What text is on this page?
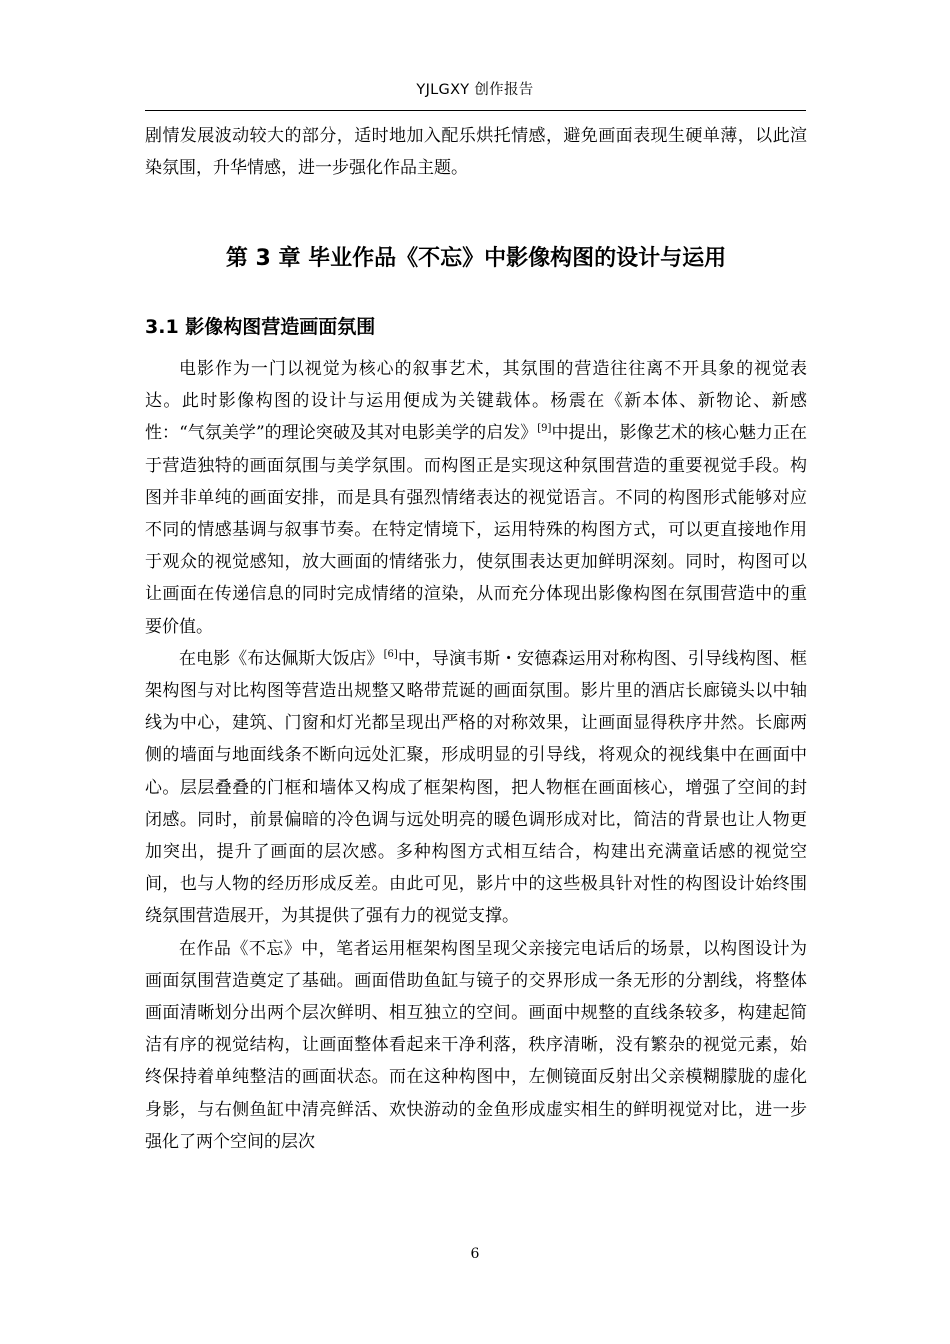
YJLGXY 创作报告

剧情发展波动较大的部分，适时地加入配乐烘托情感，避免画面表现生硬单薄，以此渲染氛围，升华情感，进一步强化作品主题。

第 3 章 毕业作品《不忘》中影像构图的设计与运用
3.1 影像构图营造画面氛围

电影作为一门以视觉为核心的叙事艺术，其氛围的营造往往离不开具象的视觉表达。此时影像构图的设计与运用便成为关键载体。杨震在《新本体、新物论、新感性：“气氛美学”的理论突破及其对电影美学的启发》[9]中提出，影像艺术的核心魅力正在于营造独特的画面氛围与美学氛围。而构图正是实现这种氛围营造的重要视觉手段。构图并非单纯的画面安排，而是具有强烈情绪表达的视觉语言。不同的构图形式能够对应不同的情感基调与叙事节奏。在特定情境下，运用特殊的构图方式，可以更直接地作用于观众的视觉感知，放大画面的情绪张力，使氛围表达更加鲜明深刻。同时，构图可以让画面在传递信息的同时完成情绪的渲染，从而充分体现出影像构图在氛围营造中的重要价值。

在电影《布达佩斯大饭店》[6]中，导演韦斯・安德森运用对称构图、引导线构图、框架构图与对比构图等营造出规整又略带荒诞的画面氛围。影片里的酒店长廊镜头以中轴线为中心，建筑、门窗和灯光都呈现出严格的对称效果，让画面显得秩序井然。长廊两侧的墙面与地面线条不断向远处汇聚，形成明显的引导线，将观众的视线集中在画面中心。层层叠叠的门框和墙体又构成了框架构图，把人物框在画面核心，增强了空间的封闭感。同时，前景偏暗的冷色调与远处明亮的暖色调形成对比，简洁的背景也让人物更加突出，提升了画面的层次感。多种构图方式相互结合，构建出充满童话感的视觉空间，也与人物的经历形成反差。由此可见，影片中的这些极具针对性的构图设计始终围绕氛围营造展开，为其提供了强有力的视觉支撑。

在作品《不忘》中，笔者运用框架构图呈现父亲接完电话后的场景，以构图设计为画面氛围营造奠定了基础。画面借助鱼缸与镜子的交界形成一条无形的分割线，将整体画面清晰划分出两个层次鲜明、相互独立的空间。画面中规整的直线条较多，构建起简洁有序的视觉结构，让画面整体看起来干净利落，秩序清晰，没有繁杂的视觉元素，始终保持着单纯整洁的画面状态。而在这种构图中，左侧镜面反射出父亲模糊朦胧的虚化身影，与右侧鱼缸中清亮鲜活、欢快游动的金鱼形成虚实相生的鲜明视觉对比，进一步强化了两个空间的层次

6
